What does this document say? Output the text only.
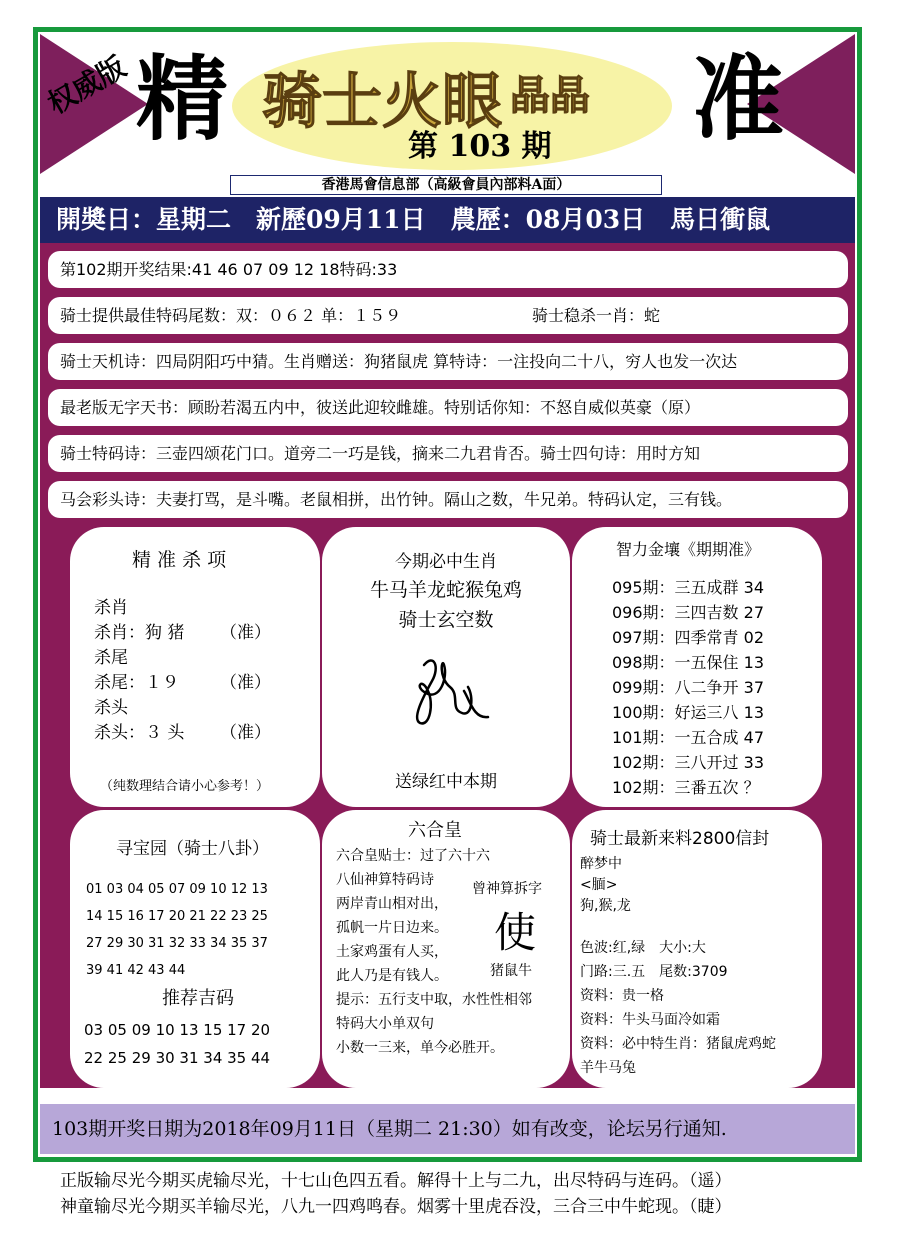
权威版 精	准
骑士火眼 晶晶
第 103 期
香港馬會信息部（高級會員內部料A面）
開奬日：星期二　新歷09月11日　農歷：08月03日　馬日衝鼠
第102期开奖结果:41 46 07 09 12 18特码:33
骑士提供最佳特码尾数：双：０６２ 单：１５９	骑士稳杀一肖：蛇
骑士天机诗：四局阴阳巧中猜。生肖赠送：狗猪鼠虎 算特诗：一注投向二十八，穷人也发一次达
最老版无字天书：顾盼若渴五内中，彼送此迎较雌雄。特别话你知：不怒自威似英豪（原）
骑士特码诗：三壶四颂花门口。道旁二一巧是钱，摘来二九君肯否。骑士四句诗：用时方知
马会彩头诗：夫妻打骂，是斗嘴。老鼠相拼，出竹钟。隔山之数，牛兄弟。特码认定，三有钱。
精 准 杀 项
杀肖
杀肖：狗 猪 （准）
杀尾
杀尾：１９ （准）
杀头
杀头：３ 头 （准）
（纯数理结合请小心参考！）
今期必中生肖
牛马羊龙蛇猴兔鸡
骑士玄空数
送绿红中本期
智力金壤《期期准》
095期：三五成群 34
096期：三四吉数 27
097期：四季常青 02
098期：一五保住 13
099期：八二争开 37
100期：好运三八 13
101期：一五合成 47
102期：三八开过 33
102期：三番五次 ？
寻宝园（骑士八卦）
01 03 04 05 07 09 10 12 13
14 15 16 17 20 21 22 23 25
27 29 30 31 32 33 34 35 37
39 41 42 43 44
推荐吉码
03 05 09 10 13 15 17 20
22 25 29 30 31 34 35 44
六合皇
六合皇贴士：过了六十六
八仙神算特码诗
两岸青山相对出，
孤帆一片日边来。
土家鸡蛋有人买，
此人乃是有钱人。
提示：五行支中取，水性性相邻
特码大小单双句
小数一三来，单今必胜开。
曾神算拆字
使
猪鼠牛
骑士最新来料2800信封
醉梦中
<腼>
狗,猴,龙
色波:红,绿　大小:大
门路:三.五　尾数:3709
资料：贵一格
资料：牛头马面冷如霜
资料：必中特生肖：猪鼠虎鸡蛇
羊牛马兔
103期开奖日期为2018年09月11日（星期二 21:30）如有改变，论坛另行通知.
正版输尽光今期买虎输尽光，十七山色四五看。解得十上与二九，出尽特码与连码。（遥）
神童输尽光今期买羊输尽光，八九一四鸡鸣春。烟雾十里虎吞没，三合三中牛蛇现。（睫）
